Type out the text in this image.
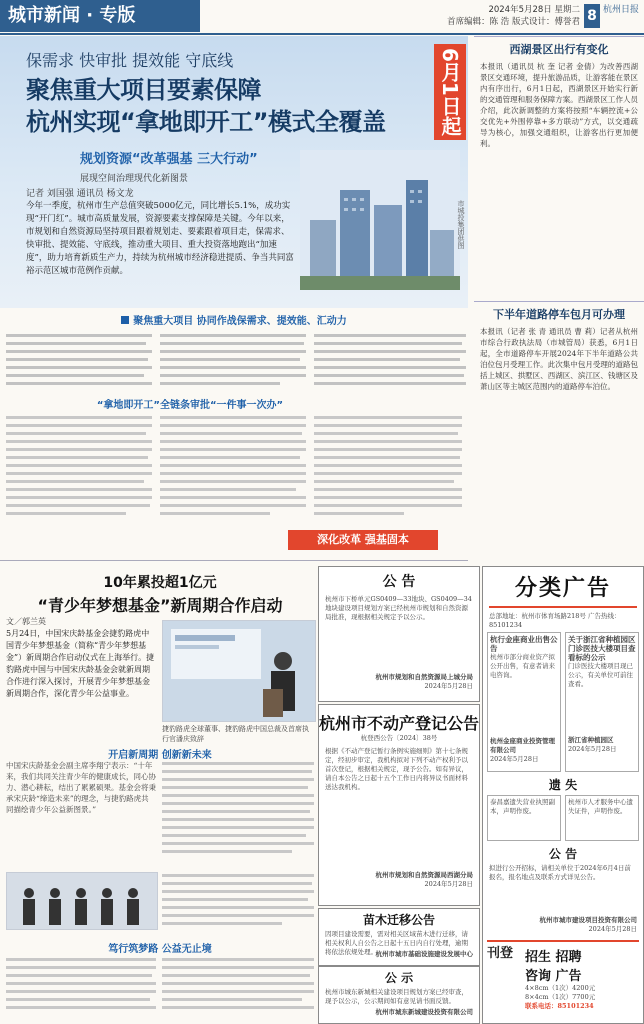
城市新闻 · 专版	2024年5月28日 星期二
首席编辑：陈 浩 版式设计：傅誉君 8 杭州日报
保需求 快审批 提效能 守底线
聚焦重大项目要素保障
杭州实现“拿地即开工”模式全覆盖	6月1日起
规划资源“改革强基 三大行动”
展现空间治理现代化新图景
记者 刘国强 通讯员 杨文龙
今年一季度，杭州市生产总值突破5000亿元，同比增长5.1%，成功实现“开门红”。城市高质量发展，资源要素支撑保障是关键。今年以来，市规划和自然资源局坚持项目跟着规划走、要素跟着项目走，保需求、快审批、提效能、守底线，推动重大项目、重大投资落地跑出“加速度”，助力培育新质生产力，持续为杭州城市经济稳进提质、争当共同富裕示范区城市范例作贡献。
市城投集团供图
西湖景区出行有变化
本报讯（通讯员 杭 奎 记者 金倩）为改善西湖景区交通环境，提升旅游品质，让游客能在景区内有序出行，6月1日起，西湖景区开始实行新的交通管理和服务保障方案。西湖景区工作人员介绍，此次新调整的方案将按照“车辆控流+公交优先+外围停靠+多方联动”方式，以交通疏导为核心，加强交通组织，让游客出行更加便利。
下半年道路停车包月可办理
本报讯（记者 张 青 通讯员 曹 莉）记者从杭州市综合行政执法局（市城管局）获悉，6月1日起，全市道路停车开展2024年下半年道路公共泊位包月受理工作。此次集中包月受理的道路包括上城区、拱墅区、西湖区、滨江区、钱塘区及萧山区等主城区范围内的道路停车泊位。
聚焦重大项目 协同作战保需求、提效能、汇动力
“拿地即开工”全链条审批“一件事一次办”
深化改革 强基固本
10年累投超1亿元
“青少年梦想基金”新周期合作启动
文／郭兰英
5月24日，中国宋庆龄基金会捷豹路虎中国青少年梦想基金（简称“青少年梦想基金”）新周期合作启动仪式在上海举行。捷豹路虎中国与中国宋庆龄基金会就新周期合作进行深入探讨，开展青少年梦想基金新周期合作，深化青少年公益事业。
捷豹路虎全球董事、捷豹路虎中国总裁及首席执行官潘庆致辞
开启新周期 创新新未来
中国宋庆龄基金会副主席李翔宁表示：“十年来，我们共同关注青少年的健康成长，同心协力、潜心耕耘，结出了累累硕果。基金会将秉承宋庆龄“缔造未来”的理念，与捷豹路虎共同描绘青少年公益新图景。”
笃行筑梦路 公益无止境
公 告
杭州市下桥单元GS0409—33地块、GS0409—34地块建设项目规划方案已经杭州市规划和自然资源局批准，现根据相关规定予以公示。
杭州市规划和自然资源局上城分局
2024年5月28日
杭州市不动产登记公告
杭登西公告〔2024〕38号
根据《不动产登记暂行条例实施细则》第十七条规定，经初步审定，我机构拟对下列不动产权利予以首次登记，根据相关规定，现予公告。如有异议，请自本公告之日起十五个工作日内将异议书面材料送达我机构。
杭州市规划和自然资源局西湖分局
2024年5月28日
苗木迁移公告
因项目建设需要，需对相关区域苗木进行迁移，请相关权利人自公告之日起十五日内自行处理，逾期将依法依规处理。
杭州市城市基础设施建设发展中心
公 示
杭州市城东新城相关建设项目规划方案已经审查，现予以公示，公示期间如有意见请书面反馈。
杭州市城东新城建设投资有限公司
分类广告
总部地址：杭州市体育场路218号 广告热线：85101234
杭行金座商业出售公告
杭州市部分商业资产拟公开出售，有意者请来电咨询。
杭州金座商业投资管理有限公司
2024年5月28日
关于浙江省种植园区门诊医技大楼项目查看标的公示
门诊医技大楼项目现已公示，有关单位可前往查看。
浙江省种植园区
2024年5月28日
遗 失
泰昌嘉遗失营业执照副本，声明作废。
杭州市人才服务中心遗失证件，声明作废。
公 告
拟进行公开招标，请相关单位于2024年6月4日前报名，报名地点及联系方式详见公告。
杭州市城市建设项目投资有限公司
2024年5月28日
刊登 招生 招聘
咨询 广告
4×8cm（1次）4200元
8×4cm（1次）7700元
联系电话：85101234
